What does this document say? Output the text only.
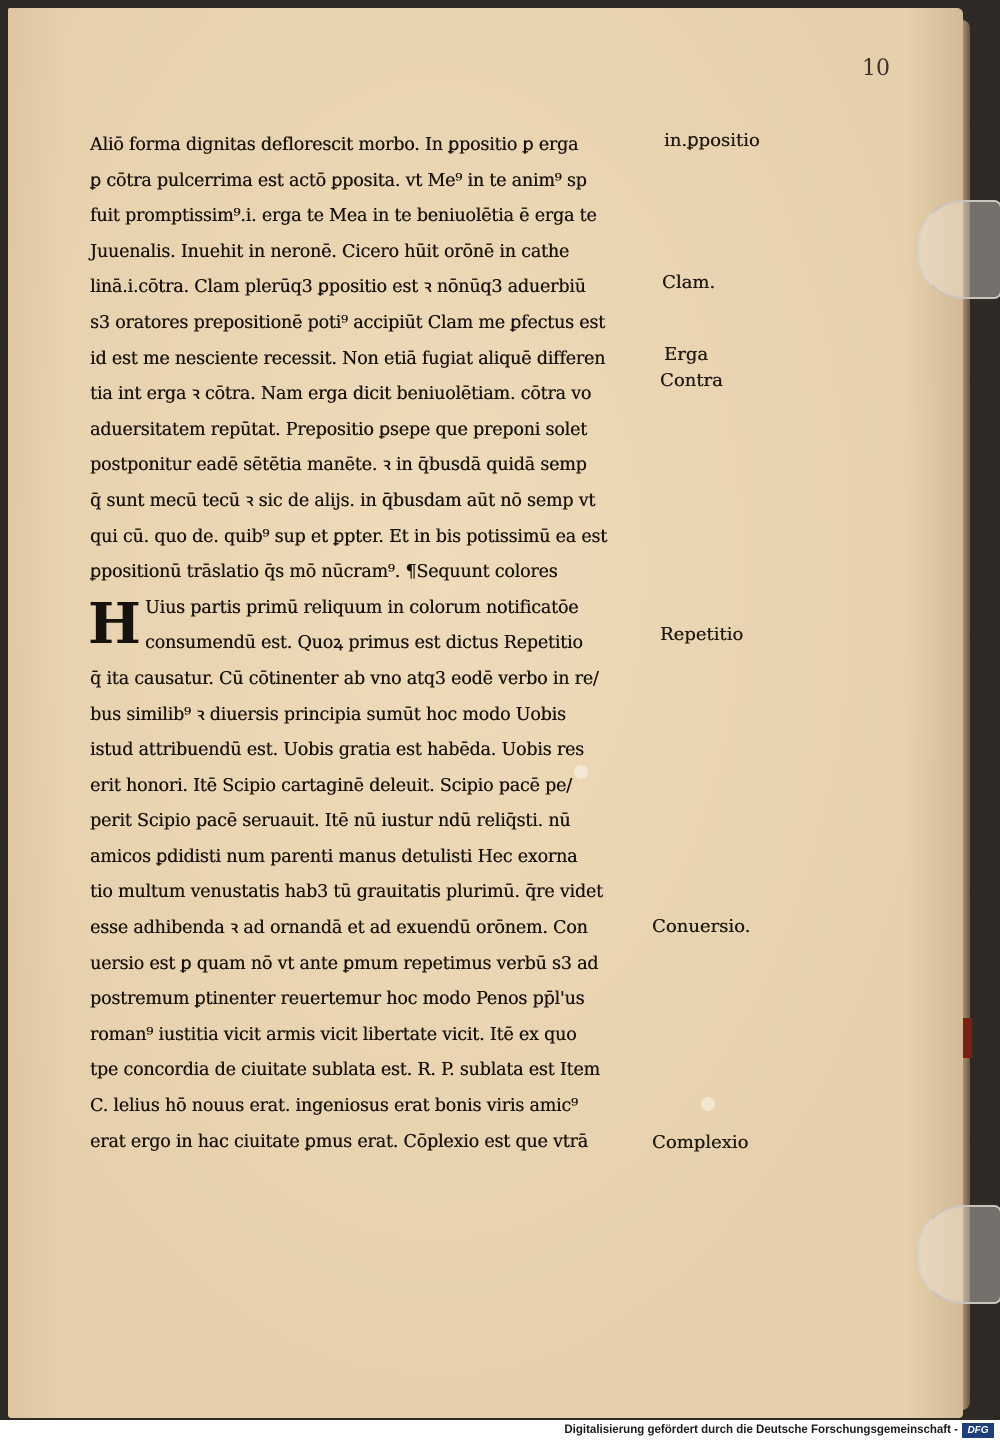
10
H
Aliō forma dignitas deflorescit morbo. In ꝑpositio ꝑ erga
ꝑ cōtra pulcerrima est actō ꝑposita. vt Me⁹ in te anim⁹ sp
fuit promptissim⁹.i. erga te Mea in te beniuolētia ē erga te
Juuenalis. Inuehit in neronē. Cicero hūit orōnē in cathe
linā.i.cōtra. Clam plerūq3 ꝑpositio est ꝛ nōnūq3 aduerbiū
s3 oratores prepositionē poti⁹ accipiūt Clam me ꝑfectus est
id est me nesciente recessit. Non etiā fugiat aliquē differen
tia int erga ꝛ cōtra. Nam erga dicit beniuolētiam. cōtra vo
aduersitatem repūtat. Prepositio ꝑsepe que preponi solet
postponitur eadē sētētia manēte. ꝛ in q̄busdā quidā semp
q̄ sunt mecū tecū ꝛ sic de alijs. in q̄busdam aūt nō semp vt
qui cū. quo de. quib⁹ sup et ꝑpter. Et in bis potissimū ea est
ꝑpositionū trāslatio q̄s mō nūcram⁹. ¶Sequunt colores
Uius partis primū reliquum in colorum notificatōe
consumendū est. Quoꝝ primus est dictus Repetitio
q̄ ita causatur. Cū cōtinenter ab vno atq3 eodē verbo in re/
bus similib⁹ ꝛ diuersis principia sumūt hoc modo Uobis
istud attribuendū est. Uobis gratia est habēda. Uobis res
erit honori. Itē Scipio cartaginē deleuit. Scipio pacē pe/
perit Scipio pacē seruauit. Itē nū iustur ndū reliq̄sti. nū
amicos ꝑdidisti num parenti manus detulisti Hec exorna
tio multum venustatis hab3 tū grauitatis plurimū. q̄re videt
esse adhibenda ꝛ ad ornandā et ad exuendū orōnem. Con
uersio est ꝑ quam nō vt ante ꝑmum repetimus verbū s3 ad
postremum ꝑtinenter reuertemur hoc modo Penos pp̄l'us
roman⁹ iustitia vicit armis vicit libertate vicit. Itē ex quo
tpe concordia de ciuitate sublata est. R. P. sublata est Item
C. lelius hō nouus erat. ingeniosus erat bonis viris amic⁹
erat ergo in hac ciuitate ꝑmus erat. Cōplexio est que vtrā
in.ꝑpositio
Clam.
Erga
Contra
Repetitio
Conuersio.
Complexio
Digitalisierung gefördert durch die Deutsche Forschungsgemeinschaft - DFG
